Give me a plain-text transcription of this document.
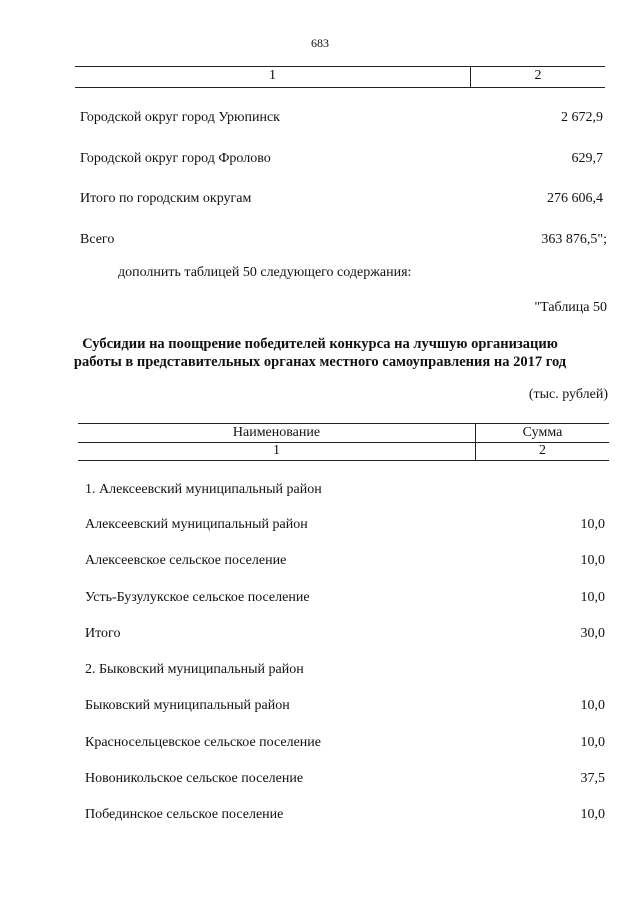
683
1	2
Городской округ город Урюпинск	2 672,9
Городской округ город Фролово	629,7
Итого по городским округам	276 606,4
Всего	363 876,5";
дополнить таблицей 50 следующего содержания:
"Таблица 50
Субсидии на поощрение победителей конкурса на лучшую организацию
работы в представительных органах местного самоуправления на 2017 год
(тыс. рублей)
Наименование	Сумма
1	2
1. Алексеевский муниципальный район
Алексеевский муниципальный район	10,0
Алексеевское сельское поселение	10,0
Усть-Бузулукское сельское поселение	10,0
Итого	30,0
2. Быковский муниципальный район
Быковский муниципальный район	10,0
Красносельцевское сельское поселение	10,0
Новоникольское сельское поселение	37,5
Побединское сельское поселение	10,0
